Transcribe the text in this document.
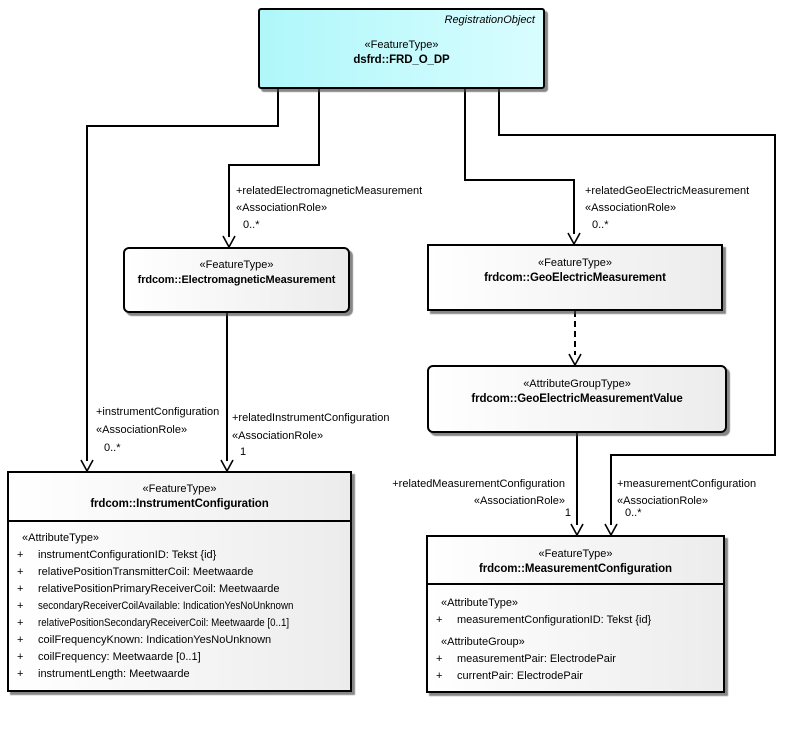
RegistrationObject
«FeatureType»
dsfrd::FRD_O_DP
«FeatureType»
frdcom::ElectromagneticMeasurement
«FeatureType»
frdcom::GeoElectricMeasurement
«AttributeGroupType»
frdcom::GeoElectricMeasurementValue
«FeatureType»
frdcom::InstrumentConfiguration
«AttributeType»
+ instrumentConfigurationID: Tekst {id}
+ relativePositionTransmitterCoil: Meetwaarde
+ relativePositionPrimaryReceiverCoil: Meetwaarde
+ secondaryReceiverCoilAvailable: IndicationYesNoUnknown
+ relativePositionSecondaryReceiverCoil: Meetwaarde [0..1]
+ coilFrequencyKnown: IndicationYesNoUnknown
+ coilFrequency: Meetwaarde [0..1]
+ instrumentLength: Meetwaarde
«FeatureType»
frdcom::MeasurementConfiguration
«AttributeType»
+ measurementConfigurationID: Tekst {id}
«AttributeGroup»
+ measurementPair: ElectrodePair
+ currentPair: ElectrodePair
+relatedElectromagneticMeasurement
«AssociationRole»
0..*
+relatedGeoElectricMeasurement
«AssociationRole»
0..*
+instrumentConfiguration
«AssociationRole»
0..*
+relatedInstrumentConfiguration
«AssociationRole»
1
+relatedMeasurementConfiguration
«AssociationRole»
1
+measurementConfiguration
«AssociationRole»
0..*
